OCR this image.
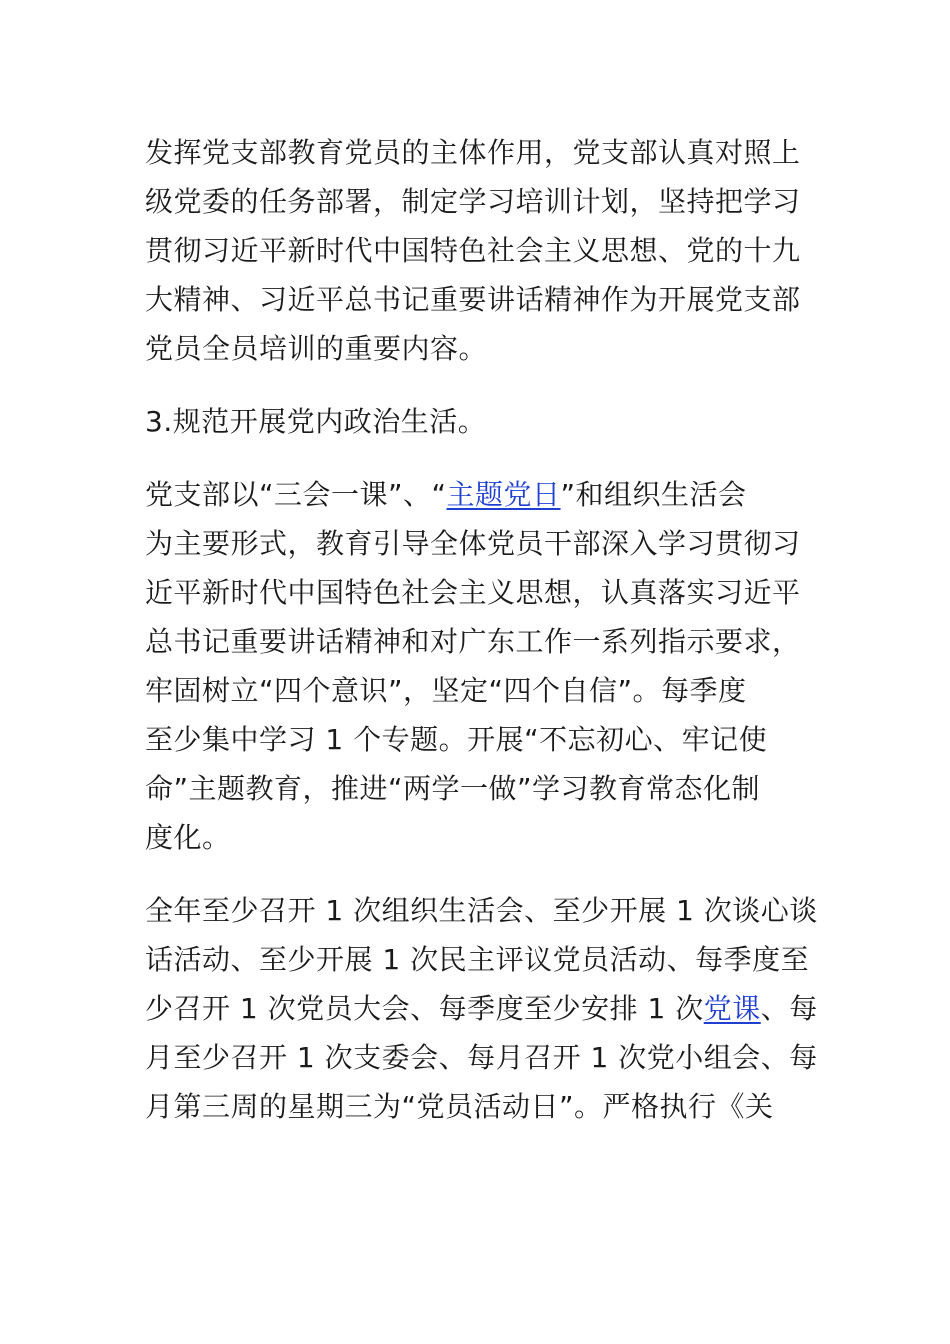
发挥党支部教育党员的主体作用，党支部认真对照上
级党委的任务部署，制定学习培训计划，坚持把学习
贯彻习近平新时代中国特色社会主义思想、党的十九
大精神、习近平总书记重要讲话精神作为开展党支部
党员全员培训的重要内容。
3.规范开展党内政治生活。
党支部以“三会一课”、“主题党日”和组织生活会
为主要形式，教育引导全体党员干部深入学习贯彻习
近平新时代中国特色社会主义思想，认真落实习近平
总书记重要讲话精神和对广东工作一系列指示要求，
牢固树立“四个意识”，坚定“四个自信”。每季度
至少集中学习 1 个专题。开展“不忘初心、牢记使
命”主题教育，推进“两学一做”学习教育常态化制
度化。
全年至少召开 1 次组织生活会、至少开展 1 次谈心谈
话活动、至少开展 1 次民主评议党员活动、每季度至
少召开 1 次党员大会、每季度至少安排 1 次党课、每
月至少召开 1 次支委会、每月召开 1 次党小组会、每
月第三周的星期三为“党员活动日”。严格执行《关
